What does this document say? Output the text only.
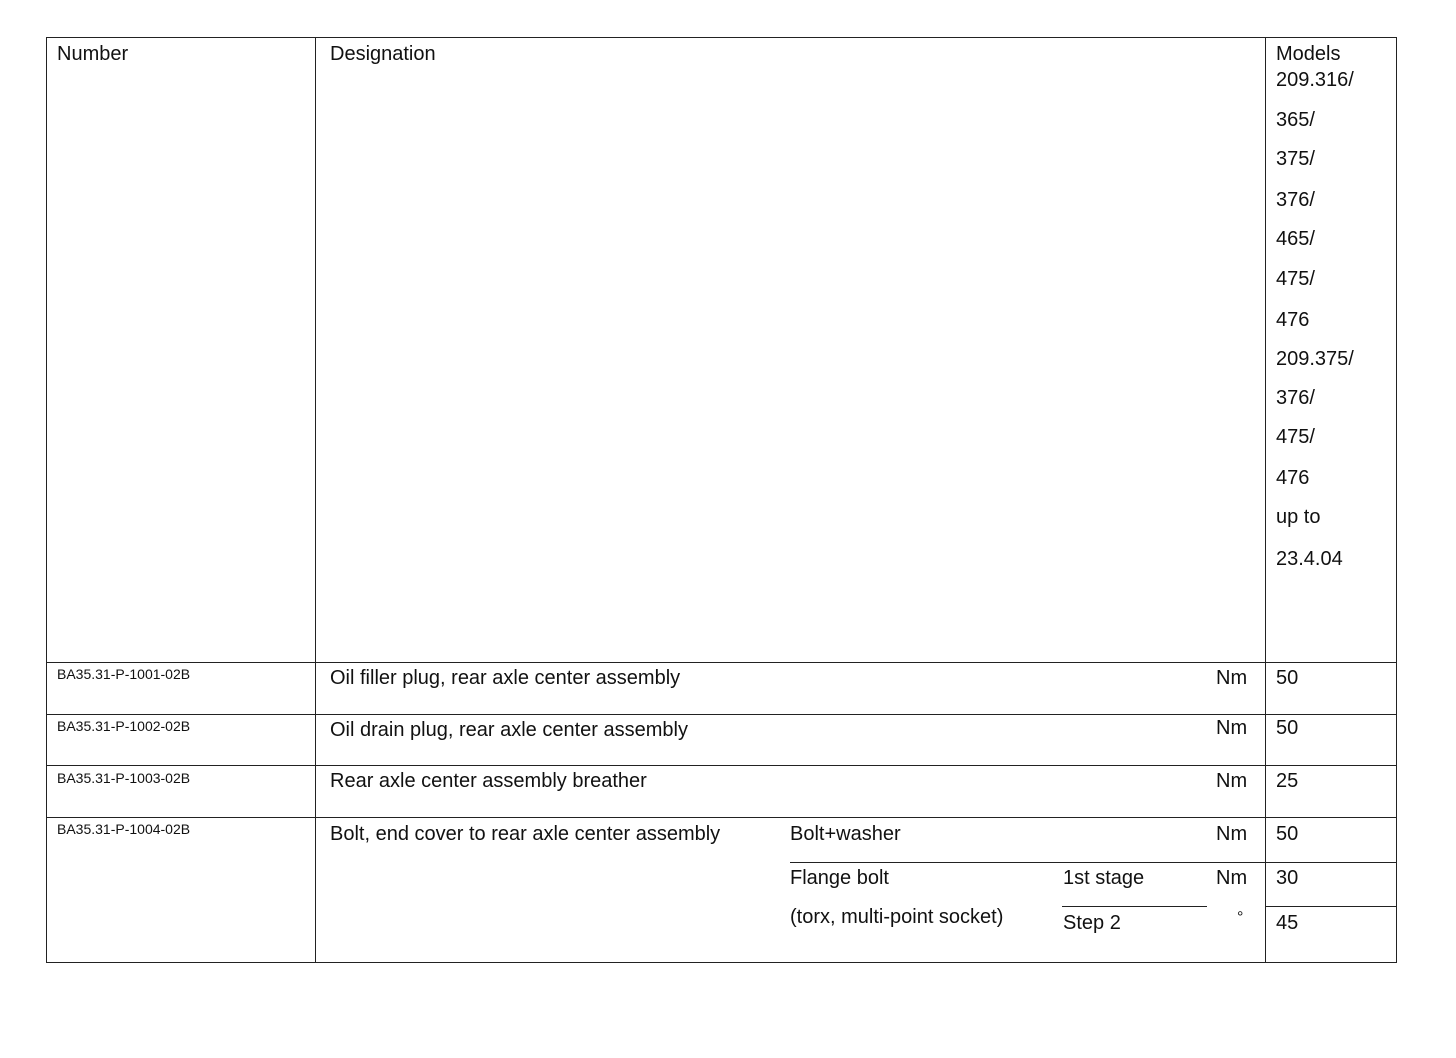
Number	Designation	Models
209.316/
365/
375/
376/
465/
475/
476
209.375/
376/
475/
476
up to
23.4.04
BA35.31-P-1001-02B	Oil filler plug, rear axle center assembly	Nm 50
BA35.31-P-1002-02B	Oil drain plug, rear axle center assembly	Nm 50
BA35.31-P-1003-02B	Rear axle center assembly breather	Nm 25
BA35.31-P-1004-02B	Bolt, end cover to rear axle center assembly	Bolt+washer	Nm 50
Flange bolt	1st stage	Nm 30
(torx, multi-point socket)	Step 2	° 45
